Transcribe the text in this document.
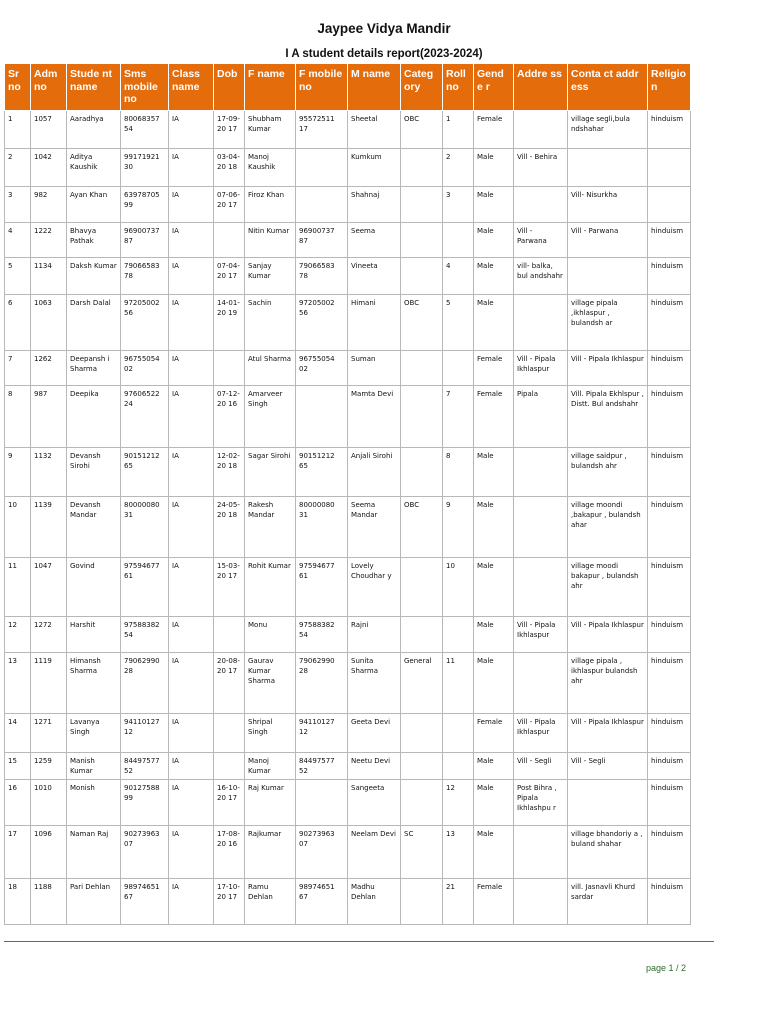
Jaypee Vidya Mandir
I A student details report(2023-2024)
Sr no	Adm no	Stude nt name	Sms mobile no	Class name	Dob	F name	F mobile no	M name	Categ ory	Roll no	Gend e r	Addre ss	Conta ct addr ess	Religio n
1	1057	Aaradhya	80068357 54	IA	17-09- 20 17	Shubham Kumar	95572511 17	Sheetal	OBC	1	Female		village segli,bula ndshahar	hinduism
2	1042	Aditya Kaushik	99171921 30	IA	03-04- 20 18	Manoj Kaushik		Kumkum		2	Male	Vill - Behira		
3	982	Ayan Khan	63978705 99	IA	07-06- 20 17	Firoz Khan		Shahnaj		3	Male		Vill- Nisurkha	
4	1222	Bhavya Pathak	96900737 87	IA		Nitin Kumar	96900737 87	Seema			Male	Vill - Parwana	Vill - Parwana	hinduism
5	1134	Daksh Kumar	79066583 78	IA	07-04- 20 17	Sanjay Kumar	79066583 78	Vineeta		4	Male	vill- balka, bul andshahr		hinduism
6	1063	Darsh Dalal	97205002 56	IA	14-01- 20 19	Sachin	97205002 56	Himani	OBC	5	Male		village pipala ,ikhlaspur , bulandsh ar	hinduism
7	1262	Deepansh i Sharma	96755054 02	IA		Atul Sharma	96755054 02	Suman			Female	Vill - Pipala Ikhlaspur	Vill - Pipala Ikhlaspur	hinduism
8	987	Deepika	97606522 24	IA	07-12- 20 16	Amarveer Singh		Mamta Devi		7	Female	Pipala	Vill. Pipala Ekhlspur , Distt. Bul andshahr	hinduism
9	1132	Devansh Sirohi	90151212 65	IA	12-02- 20 18	Sagar Sirohi	90151212 65	Anjali Sirohi		8	Male		village saidpur , bulandsh ahr	hinduism
10	1139	Devansh Mandar	80000080 31	IA	24-05- 20 18	Rakesh Mandar	80000080 31	Seema Mandar	OBC	9	Male		village moondi ,bakapur , bulandsh ahar	hinduism
11	1047	Govind	97594677 61	IA	15-03- 20 17	Rohit Kumar	97594677 61	Lovely Choudhar y		10	Male		village moodi bakapur , bulandsh ahr	hinduism
12	1272	Harshit	97588382 54	IA		Monu	97588382 54	Rajni			Male	Vill - Pipala Ikhlaspur	Vill - Pipala Ikhlaspur	hinduism
13	1119	Himansh Sharma	79062990 28	IA	20-08- 20 17	Gaurav Kumar Sharma	79062990 28	Sunita Sharma	General	11	Male		village pipala , ikhlaspur bulandsh ahr	hinduism
14	1271	Lavanya Singh	94110127 12	IA		Shripal Singh	94110127 12	Geeta Devi			Female	Vill - Pipala Ikhlaspur	Vill - Pipala Ikhlaspur	hinduism
15	1259	Manish Kumar	84497577 52	IA		Manoj Kumar	84497577 52	Neetu Devi			Male	Vill - Segli	Vill - Segli	hinduism
16	1010	Monish	90127588 99	IA	16-10- 20 17	Raj Kumar		Sangeeta		12	Male	Post Bihra , Pipala Ikhlashpu r		hinduism
17	1096	Naman Raj	90273963 07	IA	17-08- 20 16	Rajkumar	90273963 07	Neelam Devi	SC	13	Male		village bhandoriy a , buland shahar	hinduism
18	1188	Pari Dehlan	98974651 67	IA	17-10- 20 17	Ramu Dehlan	98974651 67	Madhu Dehlan		21	Female		vill. Jasnavli Khurd sardar	hinduism
page 1 / 2
